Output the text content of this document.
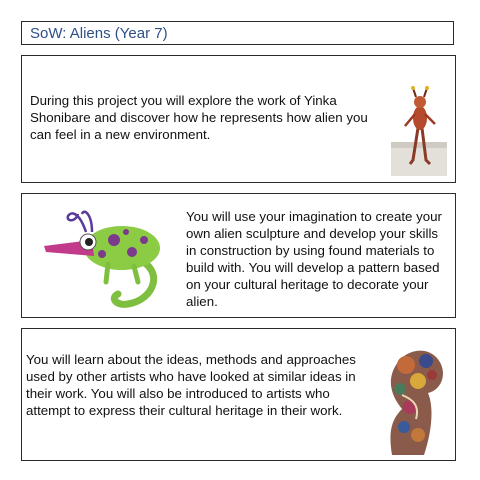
SoW: Aliens (Year 7)

During this project you will explore the work of Yinka Shonibare and discover how he represents how alien you can feel in a new environment.

You will use your imagination to create your own alien sculpture and develop your skills in construction by using found materials to build with. You will develop a pattern based on your cultural heritage to decorate your alien.

You will learn about the ideas, methods and approaches used by other artists who have looked at similar ideas in their work. You will also be introduced to artists who attempt to express their cultural heritage in their work.
